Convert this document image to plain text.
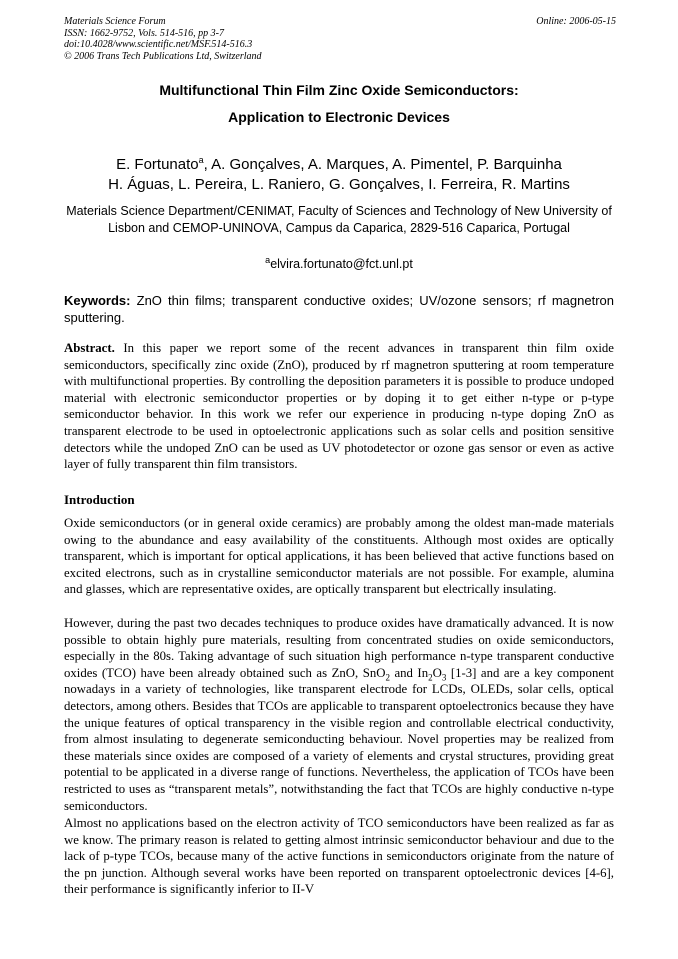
Materials Science Forum
ISSN: 1662-9752, Vols. 514-516, pp 3-7
doi:10.4028/www.scientific.net/MSF.514-516.3
© 2006 Trans Tech Publications Ltd, Switzerland
Online: 2006-05-15
Multifunctional Thin Film Zinc Oxide Semiconductors:
Application to Electronic Devices
E. Fortunato$^a$, A. Gonçalves, A. Marques, A. Pimentel, P. Barquinha
H. Águas, L. Pereira, L. Raniero, G. Gonçalves, I. Ferreira, R. Martins
Materials Science Department/CENIMAT, Faculty of Sciences and Technology of New University of Lisbon and CEMOP-UNINOVA, Campus da Caparica, 2829-516 Caparica, Portugal
$^a$elvira.fortunato@fct.unl.pt
Keywords: ZnO thin films; transparent conductive oxides; UV/ozone sensors; rf magnetron sputtering.
Abstract. In this paper we report some of the recent advances in transparent thin film oxide semiconductors, specifically zinc oxide (ZnO), produced by rf magnetron sputtering at room temperature with multifunctional properties. By controlling the deposition parameters it is possible to produce undoped material with electronic semiconductor properties or by doping it to get either n-type or p-type semiconductor behavior. In this work we refer our experience in producing n-type doping ZnO as transparent electrode to be used in optoelectronic applications such as solar cells and position sensitive detectors while the undoped ZnO can be used as UV photodetector or ozone gas sensor or even as active layer of fully transparent thin film transistors.
Introduction
Oxide semiconductors (or in general oxide ceramics) are probably among the oldest man-made materials owing to the abundance and easy availability of the constituents. Although most oxides are optically transparent, which is important for optical applications, it has been believed that active functions based on excited electrons, such as in crystalline semiconductor materials are not possible. For example, alumina and glasses, which are representative oxides, are optically transparent but electrically insulating.
However, during the past two decades techniques to produce oxides have dramatically advanced. It is now possible to obtain highly pure materials, resulting from concentrated studies on oxide semiconductors, especially in the 80s. Taking advantage of such situation high performance n-type transparent conductive oxides (TCO) have been already obtained such as ZnO, SnO$_2$ and $In_2O_3$ [1-3] and are a key component nowadays in a variety of technologies, like transparent electrode for LCDs, OLEDs, solar cells, optical detectors, among others. Besides that TCOs are applicable to transparent optoelectronics because they have the unique features of optical transparency in the visible region and controllable electrical conductivity, from almost insulating to degenerate semiconducting behaviour. Novel properties may be realized from these materials since oxides are composed of a variety of elements and crystal structures, providing great potential to be applicated in a diverse range of functions. Nevertheless, the application of TCOs have been restricted to uses as “transparent metals”, notwithstanding the fact that TCOs are highly conductive n-type semiconductors.
Almost no applications based on the electron activity of TCO semiconductors have been realized as far as we know. The primary reason is related to getting almost intrinsic semiconductor behaviour and due to the lack of p-type TCOs, because many of the active functions in semiconductors originate from the nature of the pn junction. Although several works have been reported on transparent optoelectronic devices [4-6], their performance is significantly inferior to II-V
